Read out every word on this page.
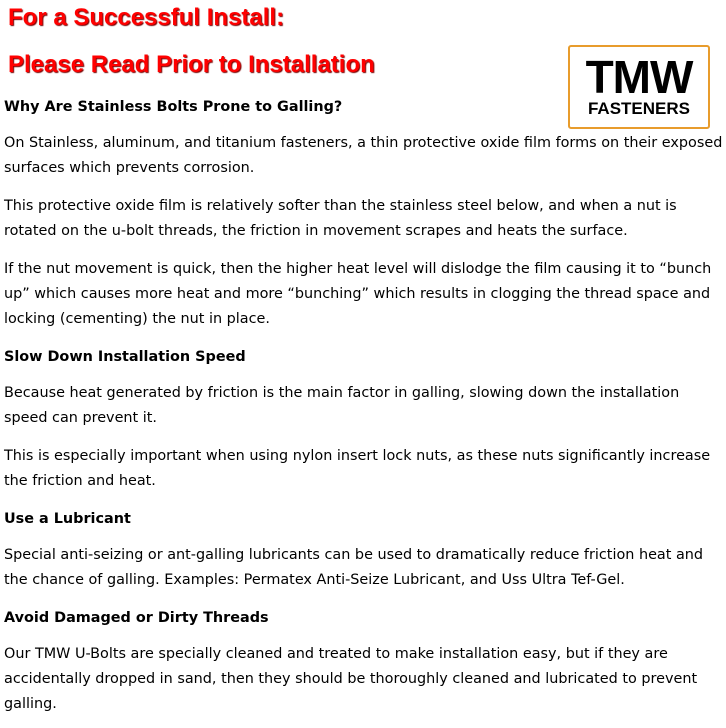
For a Successful Install:
Please Read Prior to Installation	TMW
FASTENERS
Why Are Stainless Bolts Prone to Galling?

On Stainless, aluminum, and titanium fasteners, a thin protective oxide film forms on their exposed surfaces which prevents corrosion.

This protective oxide film is relatively softer than the stainless steel below, and when a nut is rotated on the u-bolt threads, the friction in movement scrapes and heats the surface.

If the nut movement is quick, then the higher heat level will dislodge the film causing it to “bunch up” which causes more heat and more “bunching” which results in clogging the thread space and locking (cementing) the nut in place.

Slow Down Installation Speed

Because heat generated by friction is the main factor in galling, slowing down the installation speed can prevent it.

This is especially important when using nylon insert lock nuts, as these nuts significantly increase the friction and heat.

Use a Lubricant

Special anti-seizing or ant-galling lubricants can be used to dramatically reduce friction heat and the chance of galling. Examples: Permatex Anti-Seize Lubricant, and Uss Ultra Tef-Gel.

Avoid Damaged or Dirty Threads

Our TMW U-Bolts are specially cleaned and treated to make installation easy, but if they are accidentally dropped in sand, then they should be thoroughly cleaned and lubricated to prevent galling.
